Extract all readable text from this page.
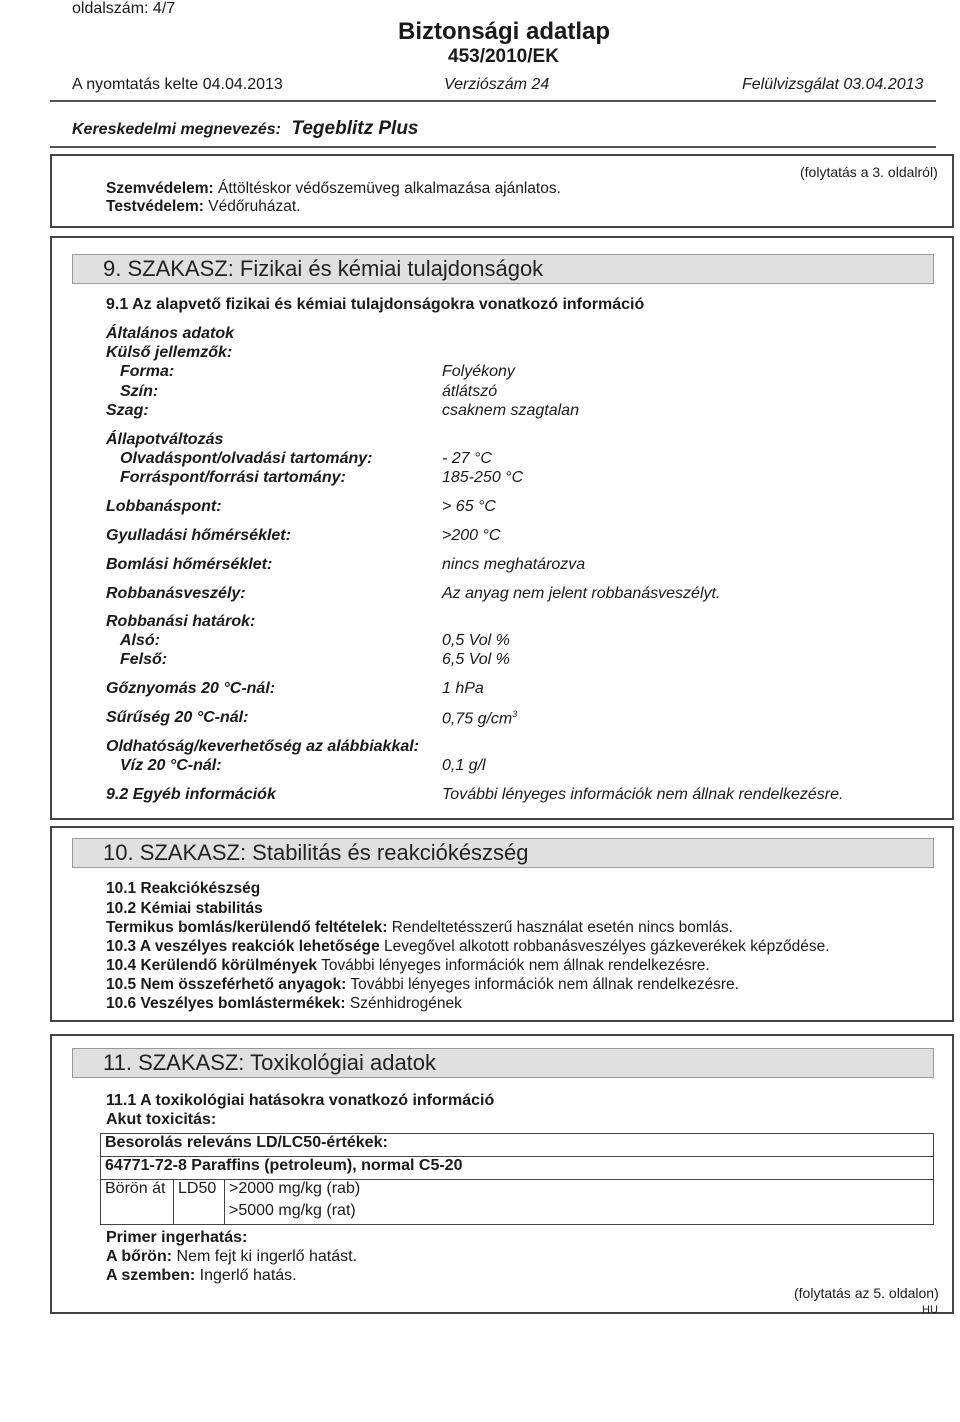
oldalszám: 4/7
Biztonsági adatlap
453/2010/EK
A nyomtatás kelte 04.04.2013	Verziószám 24	Felülvizsgálat 03.04.2013
Kereskedelmi megnevezés: Tegeblitz Plus
(folytatás a 3. oldalról)
Szemvédelem: Áttöltéskor védőszemüveg alkalmazása ajánlatos.
Testvédelem: Védőruházat.
9. SZAKASZ: Fizikai és kémiai tulajdonságok
9.1 Az alapvető fizikai és kémiai tulajdonságokra vonatkozó információ
Általános adatok
Külső jellemzők:
Forma:	Folyékony
Szín:	átlátszó
Szag:	csaknem szagtalan
Állapotváltozás
Olvadáspont/olvadási tartomány:	- 27 °C
Forráspont/forrási tartomány:	185-250 °C
Lobbanáspont:	> 65 °C
Gyulladási hőmérséklet:	>200 °C
Bomlási hőmérséklet:	nincs meghatározva
Robbanásveszély:	Az anyag nem jelent robbanásveszélyt.
Robbanási határok:
Alsó:	0,5 Vol %
Felső:	6,5 Vol %
Gőznyomás 20 °C-nál:	1 hPa
Sűrűség 20 °C-nál:	0,75 $g/cm^3$
Oldhatóság/keverhetőség az alábbiakkal:
Víz 20 °C-nál:	0,1 g/l
9.2 Egyéb információk	További lényeges információk nem állnak rendelkezésre.
10. SZAKASZ: Stabilitás és reakciókészség
10.1 Reakciókészség
10.2 Kémiai stabilitás
Termikus bomlás/kerülendő feltételek: Rendeltetésszerű használat esetén nincs bomlás.
10.3 A veszélyes reakciók lehetősége Levegővel alkotott robbanásveszélyes gázkeverékek képződése.
10.4 Kerülendő körülmények További lényeges információk nem állnak rendelkezésre.
10.5 Nem összeférhető anyagok: További lényeges információk nem állnak rendelkezésre.
10.6 Veszélyes bomlástermékek: Szénhidrogének
11. SZAKASZ: Toxikológiai adatok
11.1 A toxikológiai hatásokra vonatkozó információ
Akut toxicitás:
Besorolás releváns LD/LC50-értékek:
64771-72-8 Paraffins (petroleum), normal C5-20
Börön át	LD50	>2000 mg/kg (rab)
>5000 mg/kg (rat)
Primer ingerhatás:
A bőrön: Nem fejt ki ingerlő hatást.
A szemben: Ingerlő hatás.
(folytatás az 5. oldalon)
HU
